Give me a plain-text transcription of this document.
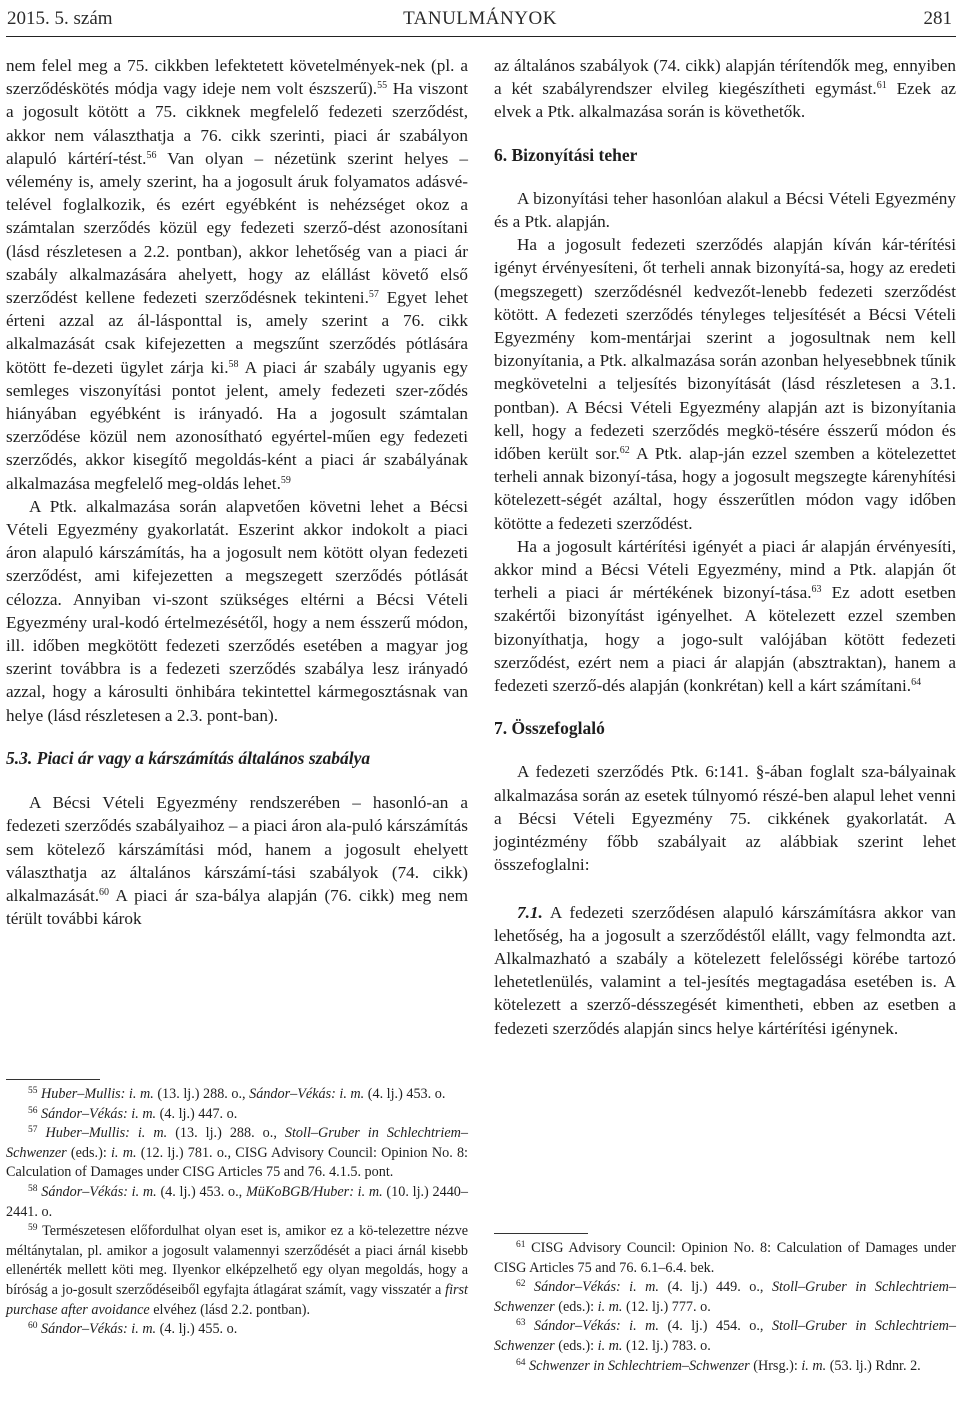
TANULMÁNYOK
2015. 5. szám	281

nem felel meg a 75. cikkben lefektetett követelmények-nek (pl. a szerződéskötés módja vagy ideje nem volt észszerű).$^{55}$ Ha viszont a jogosult kötött a 75. cikknek megfelelő fedezeti szerződést, akkor nem választhatja a 76. cikk szerinti, piaci ár szabályon alapuló kártérí-tést.$^{56}$ Van olyan – nézetünk szerint helyes – vélemény is, amely szerint, ha a jogosult áruk folyamatos adásvé-telével foglalkozik, és ezért egyébként is nehézséget okoz a számtalan szerződés közül egy fedezeti szerző-dést azonosítani (lásd részletesen a 2.2. pontban), akkor lehetőség van a piaci ár szabály alkalmazására ahelyett, hogy az elállást követő első szerződést kellene fedezeti szerződésnek tekinteni.$^{57}$ Egyet lehet érteni azzal az ál-lásponttal is, amely szerint a 76. cikk alkalmazását csak kifejezetten a megszűnt szerződés pótlására kötött fe-dezeti ügylet zárja ki.$^{58}$ A piaci ár szabály ugyanis egy semleges viszonyítási pontot jelent, amely fedezeti szer-ződés hiányában egyébként is irányadó. Ha a jogosult számtalan szerződése közül nem azonosítható egyértel-műen egy fedezeti szerződés, akkor kisegítő megoldás-ként a piaci ár szabályának alkalmazása megfelelő meg-oldás lehet.$^{59}$

A Ptk. alkalmazása során alapvetően követni lehet a Bécsi Vételi Egyezmény gyakorlatát. Eszerint akkor indokolt a piaci áron alapuló kárszámítás, ha a jogosult nem kötött olyan fedezeti szerződést, ami kifejezetten a megszegett szerződés pótlását célozza. Annyiban vi-szont szükséges eltérni a Bécsi Vételi Egyezmény ural-kodó értelmezésétől, hogy a nem ésszerű módon, ill. időben megkötött fedezeti szerződés esetében a magyar jog szerint továbbra is a fedezeti szerződés szabálya lesz irányadó azzal, hogy a károsulti önhibára tekintettel kármegosztásnak van helye (lásd részletesen a 2.3. pont-ban).

5.3. Piaci ár vagy a kárszámítás általános szabálya

A Bécsi Vételi Egyezmény rendszerében – hasonló-an a fedezeti szerződés szabályaihoz – a piaci áron ala-puló kárszámítás sem kötelező kárszámítási mód, hanem a jogosult ehelyett választhatja az általános kárszámí-tási szabályok (74. cikk) alkalmazását.$^{60}$ A piaci ár sza-bálya alapján (76. cikk) meg nem térült további károk

$^{55}$ Huber–Mullis: i. m. (13. lj.) 288. o., Sándor–Vékás: i. m. (4. lj.) 453. o.

$^{56}$ Sándor–Vékás: i. m. (4. lj.) 447. o.

$^{57}$ Huber–Mullis: i. m. (13. lj.) 288. o., Stoll–Gruber in Schlechtriem–Schwenzer (eds.): i. m. (12. lj.) 781. o., CISG Advisory Council: Opinion No. 8: Calculation of Damages under CISG Articles 75 and 76. 4.1.5. pont.

$^{58}$ Sándor–Vékás: i. m. (4. lj.) 453. o., MüKoBGB/Huber: i. m. (10. lj.) 2440–2441. o.

$^{59}$ Természetesen előfordulhat olyan eset is, amikor ez a kö-telezettre nézve méltánytalan, pl. amikor a jogosult valamennyi szerződését a piaci árnál kisebb ellenérték mellett köti meg. Ilyenkor elképzelhető egy olyan megoldás, hogy a bíróság a jo-gosult szerződéseiből egyfajta átlagárat számít, vagy visszatér a first purchase after avoidance elvéhez (lásd 2.2. pontban).

$^{60}$ Sándor–Vékás: i. m. (4. lj.) 455. o.

az általános szabályok (74. cikk) alapján térítendők meg, ennyiben a két szabályrendszer elvileg kiegészítheti egymást.$^{61}$ Ezek az elvek a Ptk. alkalmazása során is követhetők.

6. Bizonyítási teher

A bizonyítási teher hasonlóan alakul a Bécsi Vételi Egyezmény és a Ptk. alapján.

Ha a jogosult fedezeti szerződés alapján kíván kár-térítési igényt érvényesíteni, őt terheli annak bizonyítá-sa, hogy az eredeti (megszegett) szerződésnél kedvezőt-lenebb fedezeti szerződést kötött. A fedezeti szerződés tényleges teljesítését a Bécsi Vételi Egyezmény kom-mentárjai szerint a jogosultnak nem kell bizonyítania, a Ptk. alkalmazása során azonban helyesebbnek tűnik megkövetelni a teljesítés bizonyítását (lásd részletesen a 3.1. pontban). A Bécsi Vételi Egyezmény alapján azt is bizonyítania kell, hogy a fedezeti szerződés megkö-tésére ésszerű módon és időben került sor.$^{62}$ A Ptk. alap-ján ezzel szemben a kötelezettet terheli annak bizonyí-tása, hogy a jogosult megszegte kárenyhítési kötelezett-ségét azáltal, hogy ésszerűtlen módon vagy időben kötötte a fedezeti szerződést.

Ha a jogosult kártérítési igényét a piaci ár alapján érvényesíti, akkor mind a Bécsi Vételi Egyezmény, mind a Ptk. alapján őt terheli a piaci ár mértékének bizonyí-tása.$^{63}$ Ez adott esetben szakértői bizonyítást igényelhet. A kötelezett ezzel szemben bizonyíthatja, hogy a jogo-sult valójában kötött fedezeti szerződést, ezért nem a piaci ár alapján (absztraktan), hanem a fedezeti szerző-dés alapján (konkrétan) kell a kárt számítani.$^{64}$

7. Összefoglaló

A fedezeti szerződés Ptk. 6:141. §-ában foglalt sza-bályainak alkalmazása során az esetek túlnyomó részé-ben alapul lehet venni a Bécsi Vételi Egyezmény 75. cikkének gyakorlatát. A jogintézmény főbb szabályait az alábbiak szerint lehet összefoglalni:

7.1. A fedezeti szerződésen alapuló kárszámításra akkor van lehetőség, ha a jogosult a szerződéstől elállt, vagy felmondta azt. Alkalmazható a szabály a kötelezett felelősségi körébe tartozó lehetetlenülés, valamint a tel-jesítés megtagadása esetében is. A kötelezett a szerző-désszegését kimentheti, ebben az esetben a fedezeti szerződés alapján sincs helye kártérítési igénynek.

$^{61}$ CISG Advisory Council: Opinion No. 8: Calculation of Damages under CISG Articles 75 and 76. 6.1–6.4. bek.

$^{62}$ Sándor–Vékás: i. m. (4. lj.) 449. o., Stoll–Gruber in Schlechtriem–Schwenzer (eds.): i. m. (12. lj.) 777. o.

$^{63}$ Sándor–Vékás: i. m. (4. lj.) 454. o., Stoll–Gruber in Schlechtriem–Schwenzer (eds.): i. m. (12. lj.) 783. o.

$^{64}$ Schwenzer in Schlechtriem–Schwenzer (Hrsg.): i. m. (53. lj.) Rdnr. 2.
